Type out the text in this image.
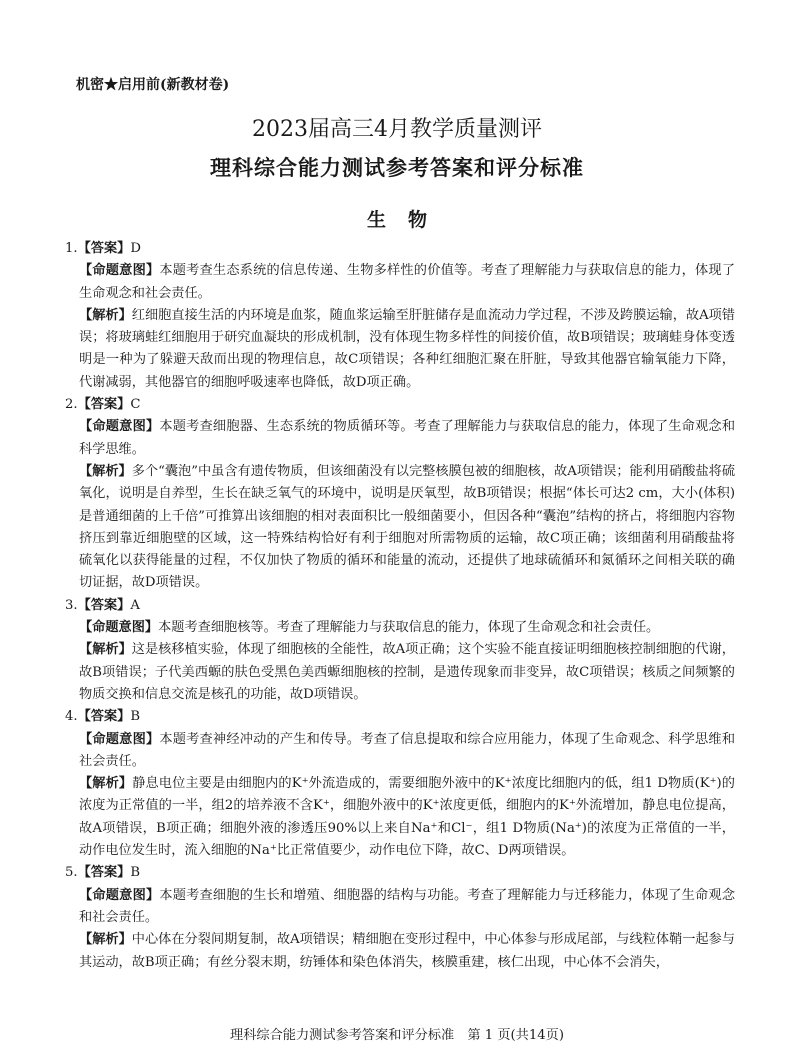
机密★启用前(新教材卷)
2023届高三4月教学质量测评
理科综合能力测试参考答案和评分标准
生物

1.【答案】D

【命题意图】本题考查生态系统的信息传递、生物多样性的价值等。考查了理解能力与获取信息的能力，体现了生命观念和社会责任。

【解析】红细胞直接生活的内环境是血浆，随血浆运输至肝脏储存是血流动力学过程，不涉及跨膜运输，故A项错误；将玻璃蛙红细胞用于研究血凝块的形成机制，没有体现生物多样性的间接价值，故B项错误；玻璃蛙身体变透明是一种为了躲避天敌而出现的物理信息，故C项错误；各种红细胞汇聚在肝脏，导致其他器官输氧能力下降，代谢减弱，其他器官的细胞呼吸速率也降低，故D项正确。

2.【答案】C

【命题意图】本题考查细胞器、生态系统的物质循环等。考查了理解能力与获取信息的能力，体现了生命观念和科学思维。

【解析】多个“囊泡”中虽含有遗传物质，但该细菌没有以完整核膜包被的细胞核，故A项错误；能利用硝酸盐将硫氧化，说明是自养型，生长在缺乏氧气的环境中，说明是厌氧型，故B项错误；根据“体长可达2 cm，大小(体积)是普通细菌的上千倍”可推算出该细胞的相对表面积比一般细菌要小，但因各种“囊泡”结构的挤占，将细胞内容物挤压到靠近细胞壁的区域，这一特殊结构恰好有利于细胞对所需物质的运输，故C项正确；该细菌利用硝酸盐将硫氧化以获得能量的过程，不仅加快了物质的循环和能量的流动，还提供了地球硫循环和氮循环之间相关联的确切证据，故D项错误。

3.【答案】A

【命题意图】本题考查细胞核等。考查了理解能力与获取信息的能力，体现了生命观念和社会责任。

【解析】这是核移植实验，体现了细胞核的全能性，故A项正确；这个实验不能直接证明细胞核控制细胞的代谢，故B项错误；子代美西螈的肤色受黑色美西螈细胞核的控制，是遗传现象而非变异，故C项错误；核质之间频繁的物质交换和信息交流是核孔的功能，故D项错误。

4.【答案】B

【命题意图】本题考查神经冲动的产生和传导。考查了信息提取和综合应用能力，体现了生命观念、科学思维和社会责任。

【解析】静息电位主要是由细胞内的K⁺外流造成的，需要细胞外液中的K⁺浓度比细胞内的低，组1 D物质(K⁺)的浓度为正常值的一半，组2的培养液不含K⁺，细胞外液中的K⁺浓度更低，细胞内的K⁺外流增加，静息电位提高，故A项错误，B项正确；细胞外液的渗透压90%以上来自Na⁺和Cl⁻，组1 D物质(Na⁺)的浓度为正常值的一半，动作电位发生时，流入细胞的Na⁺比正常值要少，动作电位下降，故C、D两项错误。

5.【答案】B

【命题意图】本题考查细胞的生长和增殖、细胞器的结构与功能。考查了理解能力与迁移能力，体现了生命观念和社会责任。

【解析】中心体在分裂间期复制，故A项错误；精细胞在变形过程中，中心体参与形成尾部，与线粒体鞘一起参与其运动，故B项正确；有丝分裂末期，纺锤体和染色体消失，核膜重建，核仁出现，中心体不会消失，

理科综合能力测试参考答案和评分标准　第 1 页(共14页)
